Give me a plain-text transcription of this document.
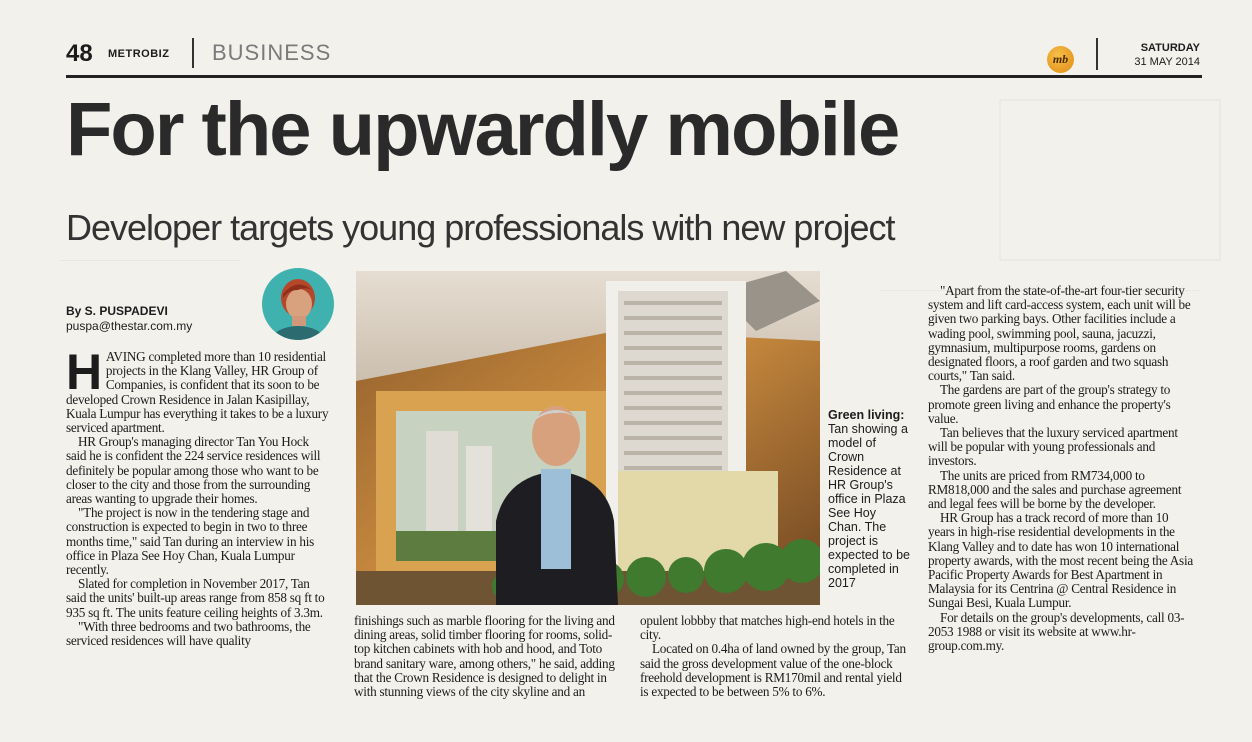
48 METROBIZ BUSINESS	mb
SATURDAY
31 MAY 2014
For the upwardly mobile
Developer targets young professionals with new project
By S. PUSPADEVI
puspa@thestar.com.my

HAVING completed more than 10 residential projects in the Klang Valley, HR Group of Companies, is confident that its soon to be developed Crown Residence in Jalan Kasipillay, Kuala Lumpur has everything it takes to be a luxury serviced apartment.

HR Group's managing director Tan You Hock said he is confident the 224 service residences will definitely be popular among those who want to be closer to the city and those from the surrounding areas wanting to upgrade their homes.

"The project is now in the tendering stage and construction is expected to begin in two to three months time," said Tan during an interview in his office in Plaza See Hoy Chan, Kuala Lumpur recently.

Slated for completion in November 2017, Tan said the units' built-up areas range from 858 sq ft to 935 sq ft. The units feature ceiling heights of 3.3m.

"With three bedrooms and two bathrooms, the serviced residences will have quality

Green living:
Tan showing a model of Crown Residence at HR Group's office in Plaza See Hoy Chan. The project is expected to be completed in 2017

finishings such as marble flooring for the living and dining areas, solid timber flooring for rooms, solid-top kitchen cabinets with hob and hood, and Toto brand sanitary ware, among others," he said, adding that the Crown Residence is designed to delight in with stunning views of the city skyline and an

opulent lobbby that matches high-end hotels in the city.

Located on 0.4ha of land owned by the group, Tan said the gross development value of the one-block freehold development is RM170mil and rental yield is expected to be between 5% to 6%.

"Apart from the state-of-the-art four-tier security system and lift card-access system, each unit will be given two parking bays. Other facilities include a wading pool, swimming pool, sauna, jacuzzi, gymnasium, multipurpose rooms, gardens on designated floors, a roof garden and two squash courts," Tan said.

The gardens are part of the group's strategy to promote green living and enhance the property's value.

Tan believes that the luxury serviced apartment will be popular with young professionals and investors.

The units are priced from RM734,000 to RM818,000 and the sales and purchase agreement and legal fees will be borne by the developer.

HR Group has a track record of more than 10 years in high-rise residential developments in the Klang Valley and to date has won 10 international property awards, with the most recent being the Asia Pacific Property Awards for Best Apartment in Malaysia for its Centrina @ Central Residence in Sungai Besi, Kuala Lumpur.

For details on the group's developments, call 03-2053 1988 or visit its website at www.hr-group.com.my.
